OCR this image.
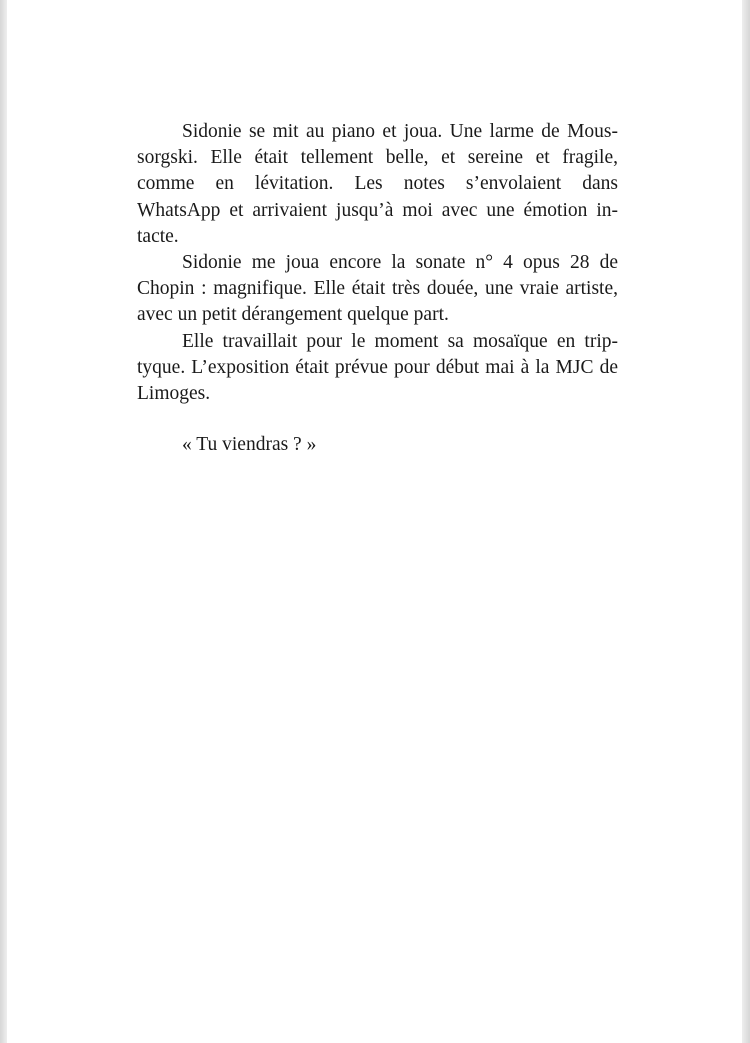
Sidonie se mit au piano et joua. Une larme de Mous-
sorgski. Elle était tellement belle, et sereine et fragile,
comme en lévitation. Les notes s’envolaient dans
WhatsApp et arrivaient jusqu’à moi avec une émotion in-
tacte.
Sidonie me joua encore la sonate n° 4 opus 28 de
Chopin : magnifique. Elle était très douée, une vraie artiste,
avec un petit dérangement quelque part.
Elle travaillait pour le moment sa mosaïque en trip-
tyque. L’exposition était prévue pour début mai à la MJC de
Limoges.
« Tu viendras ? »
